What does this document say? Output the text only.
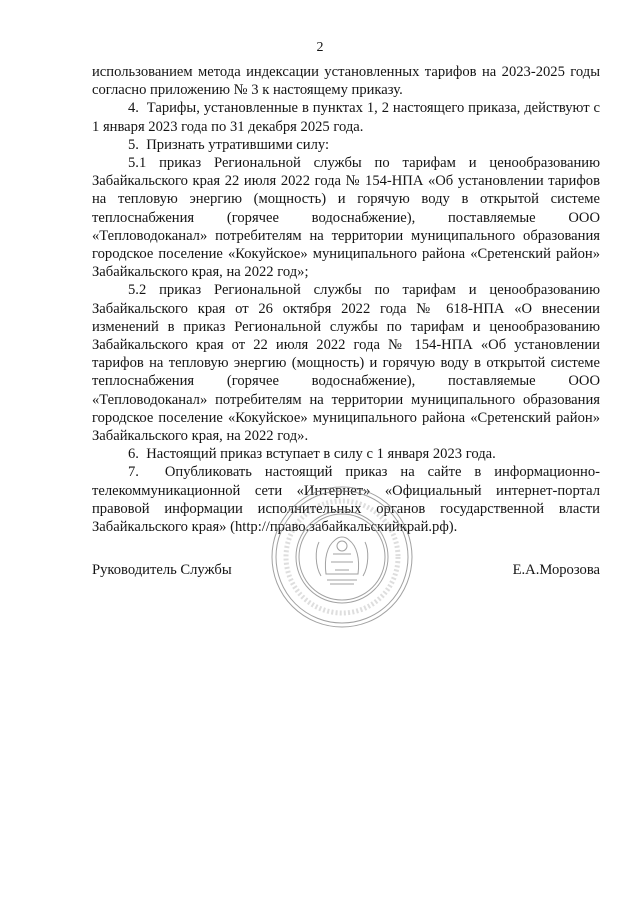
2

использованием метода индексации установленных тарифов на 2023-2025 годы согласно приложению № 3 к настоящему приказу.

4.  Тарифы, установленные в пунктах 1, 2 настоящего приказа, действуют с 1 января 2023 года по 31 декабря 2025 года.

5.  Признать утратившими силу:

5.1 приказ Региональной службы по тарифам и ценообразованию Забайкальского края 22 июля 2022 года № 154-НПА «Об установлении тарифов на тепловую энергию (мощность) и горячую воду в открытой системе теплоснабжения (горячее водоснабжение), поставляемые ООО «Тепловодоканал» потребителям на территории муниципального образования городское поселение «Кокуйское» муниципального района «Сретенский район» Забайкальского края, на 2022 год»;

5.2 приказ Региональной службы по тарифам и ценообразованию Забайкальского края от 26 октября 2022 года № 618-НПА «О внесении изменений в приказ Региональной службы по тарифам и ценообразованию Забайкальского края от 22 июля 2022 года № 154-НПА «Об установлении тарифов на тепловую энергию (мощность) и горячую воду в открытой системе теплоснабжения (горячее водоснабжение), поставляемые ООО «Тепловодоканал» потребителям на территории муниципального образования городское поселение «Кокуйское» муниципального района «Сретенский район» Забайкальского края, на 2022 год».

6.  Настоящий приказ вступает в силу с 1 января 2023 года.

7.  Опубликовать настоящий приказ на сайте в информационно-телекоммуникационной сети «Интернет» «Официальный интернет-портал правовой информации исполнительных органов государственной власти Забайкальского края» (http://право.забайкальскийкрай.рф).

Руководитель Службы	Е.А.Морозова
